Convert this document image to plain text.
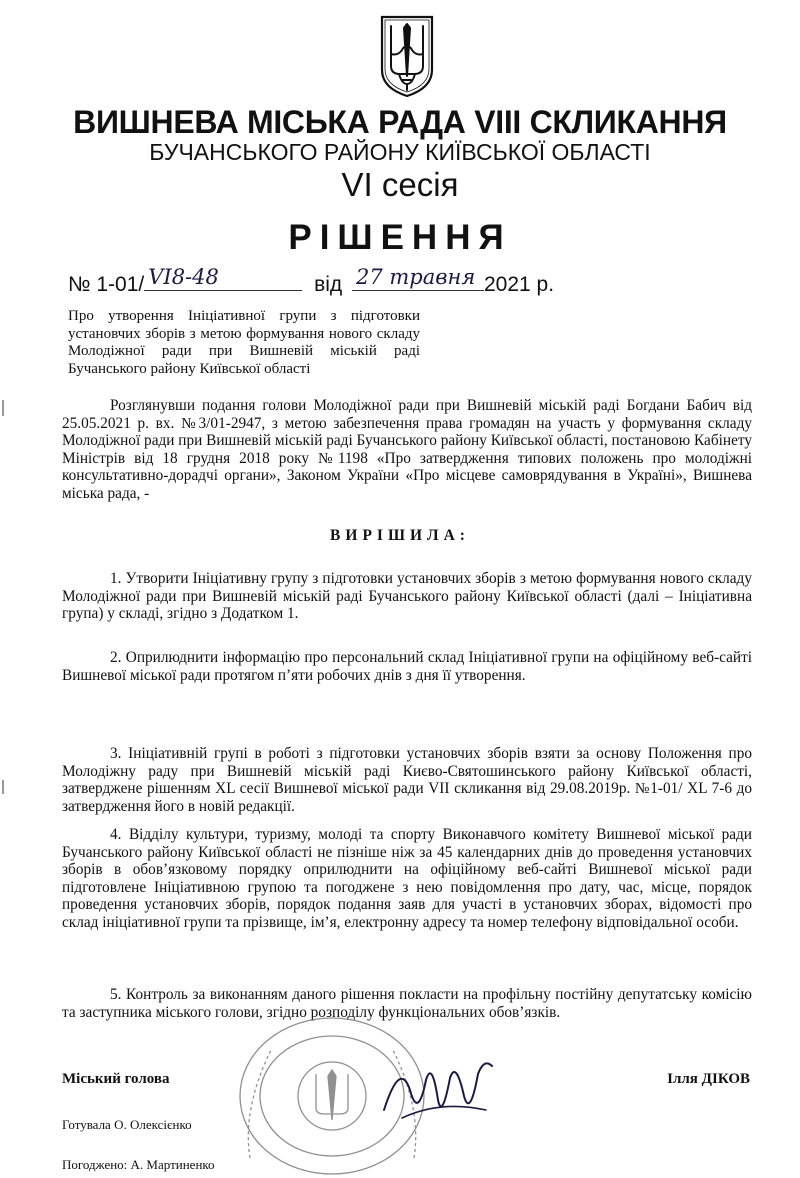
ВИШНЕВА МІСЬКА РАДА VIII СКЛИКАННЯ
БУЧАНСЬКОГО РАЙОНУ КИЇВСЬКОЇ ОБЛАСТІ
VI сесія
РІШЕННЯ
№ 1-01/ VI8-48	від 27 травня 2021 р.
Про утворення Ініціативної групи з підготовки установчих зборів з метою формування нового складу Молодіжної ради при Вишневій міській раді Бучанського району Київської області

Розглянувши подання голови Молодіжної ради при Вишневій міській раді Богдани Бабич від 25.05.2021 р. вх. №3/01-2947, з метою забезпечення права громадян на участь у формування складу Молодіжної ради при Вишневій міській раді Бучанського району Київської області, постановою Кабінету Міністрів від 18 грудня 2018 року №1198 «Про затвердження типових положень про молодіжні консультативно-дорадчі органи», Законом України «Про місцеве самоврядування в Україні», Вишнева міська рада, -

ВИРІШИЛА:

1. Утворити Ініціативну групу з підготовки установчих зборів з метою формування нового складу Молодіжної ради при Вишневій міській раді Бучанського району Київської області (далі – Ініціативна група) у складі, згідно з Додатком 1.

2. Оприлюднити інформацію про персональний склад Ініціативної групи на офіційному веб-сайті Вишневої міської ради протягом п’яти робочих днів з дня її утворення.

3. Ініціативній групі в роботі з підготовки установчих зборів взяти за основу Положення про Молодіжну раду при Вишневій міській раді Києво-Святошинського району Київської області, затверджене рішенням XL сесії Вишневої міської ради VII скликання від 29.08.2019р. №1-01/ XL 7-6 до затвердження його в новій редакції.

4. Відділу культури, туризму, молоді та спорту Виконавчого комітету Вишневої міської ради Бучанського району Київської області не пізніше ніж за 45 календарних днів до проведення установчих зборів в обов’язковому порядку оприлюднити на офіційному веб-сайті Вишневої міської ради підготовлене Ініціативною групою та погоджене з нею повідомлення про дату, час, місце, порядок проведення установчих зборів, порядок подання заяв для участі в установчих зборах, відомості про склад ініціативної групи та прізвище, ім’я, електронну адресу та номер телефону відповідальної особи.

5. Контроль за виконанням даного рішення покласти на профільну постійну депутатську комісію та заступника міського голови, згідно розподілу функціональних обов’язків.

Міський голова	Ілля ДІКОВ
Готувала О. Олексієнко
Погоджено: А. Мартиненко
